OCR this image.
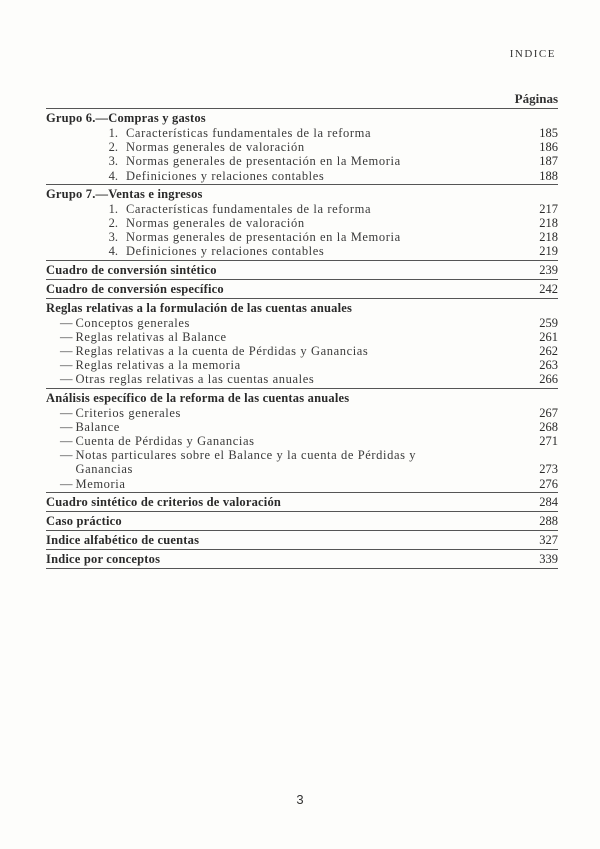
INDICE
Páginas
Grupo 6.—Compras y gastos
1. Características fundamentales de la reforma	185
2. Normas generales de valoración	186
3. Normas generales de presentación en la Memoria	187
4. Definiciones y relaciones contables	188
Grupo 7.—Ventas e ingresos
1. Características fundamentales de la reforma	217
2. Normas generales de valoración	218
3. Normas generales de presentación en la Memoria	218
4. Definiciones y relaciones contables	219
Cuadro de conversión sintético	239
Cuadro de conversión específico	242
Reglas relativas a la formulación de las cuentas anuales
— Conceptos generales	259
— Reglas relativas al Balance	261
— Reglas relativas a la cuenta de Pérdidas y Ganancias	262
— Reglas relativas a la memoria	263
— Otras reglas relativas a las cuentas anuales	266
Análisis específico de la reforma de las cuentas anuales
— Criterios generales	267
— Balance	268
— Cuenta de Pérdidas y Ganancias	271
— Notas particulares sobre el Balance y la cuenta de Pérdidas y Ganancias	273
— Memoria	276
Cuadro sintético de criterios de valoración	284
Caso práctico	288
Indice alfabético de cuentas	327
Indice por conceptos	339
3
